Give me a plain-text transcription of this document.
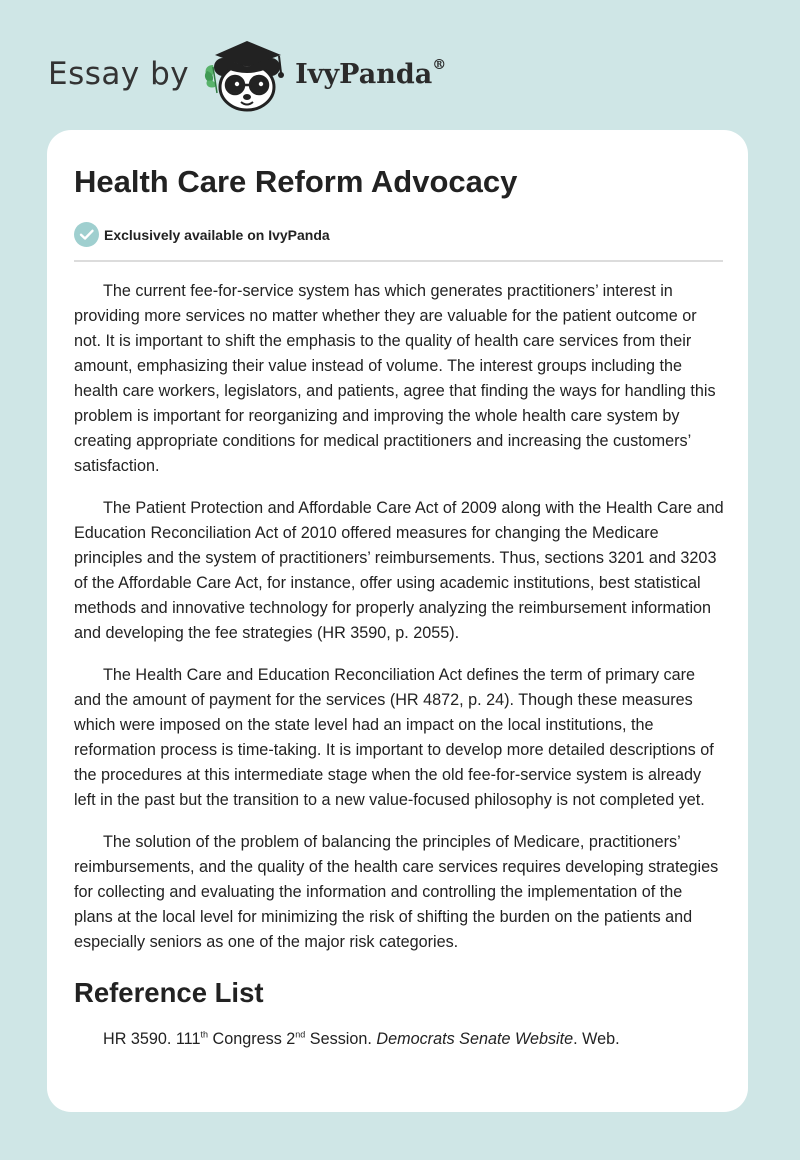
Essay by	IvyPanda®
Health Care Reform Advocacy
Exclusively available on IvyPanda

The current fee-for-service system has which generates practitioners’ interest in providing more services no matter whether they are valuable for the patient outcome or not. It is important to shift the emphasis to the quality of health care services from their amount, emphasizing their value instead of volume. The interest groups including the health care workers, legislators, and patients, agree that finding the ways for handling this problem is important for reorganizing and improving the whole health care system by creating appropriate conditions for medical practitioners and increasing the customers’ satisfaction.

The Patient Protection and Affordable Care Act of 2009 along with the Health Care and Education Reconciliation Act of 2010 offered measures for changing the Medicare principles and the system of practitioners’ reimbursements. Thus, sections 3201 and 3203 of the Affordable Care Act, for instance, offer using academic institutions, best statistical methods and innovative technology for properly analyzing the reimbursement information and developing the fee strategies (HR 3590, p. 2055).

The Health Care and Education Reconciliation Act defines the term of primary care and the amount of payment for the services (HR 4872, p. 24). Though these measures which were imposed on the state level had an impact on the local institutions, the reformation process is time-taking. It is important to develop more detailed descriptions of the procedures at this intermediate stage when the old fee-for-service system is already left in the past but the transition to a new value-focused philosophy is not completed yet.

The solution of the problem of balancing the principles of Medicare, practitioners’ reimbursements, and the quality of the health care services requires developing strategies for collecting and evaluating the information and controlling the implementation of the plans at the local level for minimizing the risk of shifting the burden on the patients and especially seniors as one of the major risk categories.

Reference List
HR 3590. 111th Congress 2nd Session. Democrats Senate Website. Web.
